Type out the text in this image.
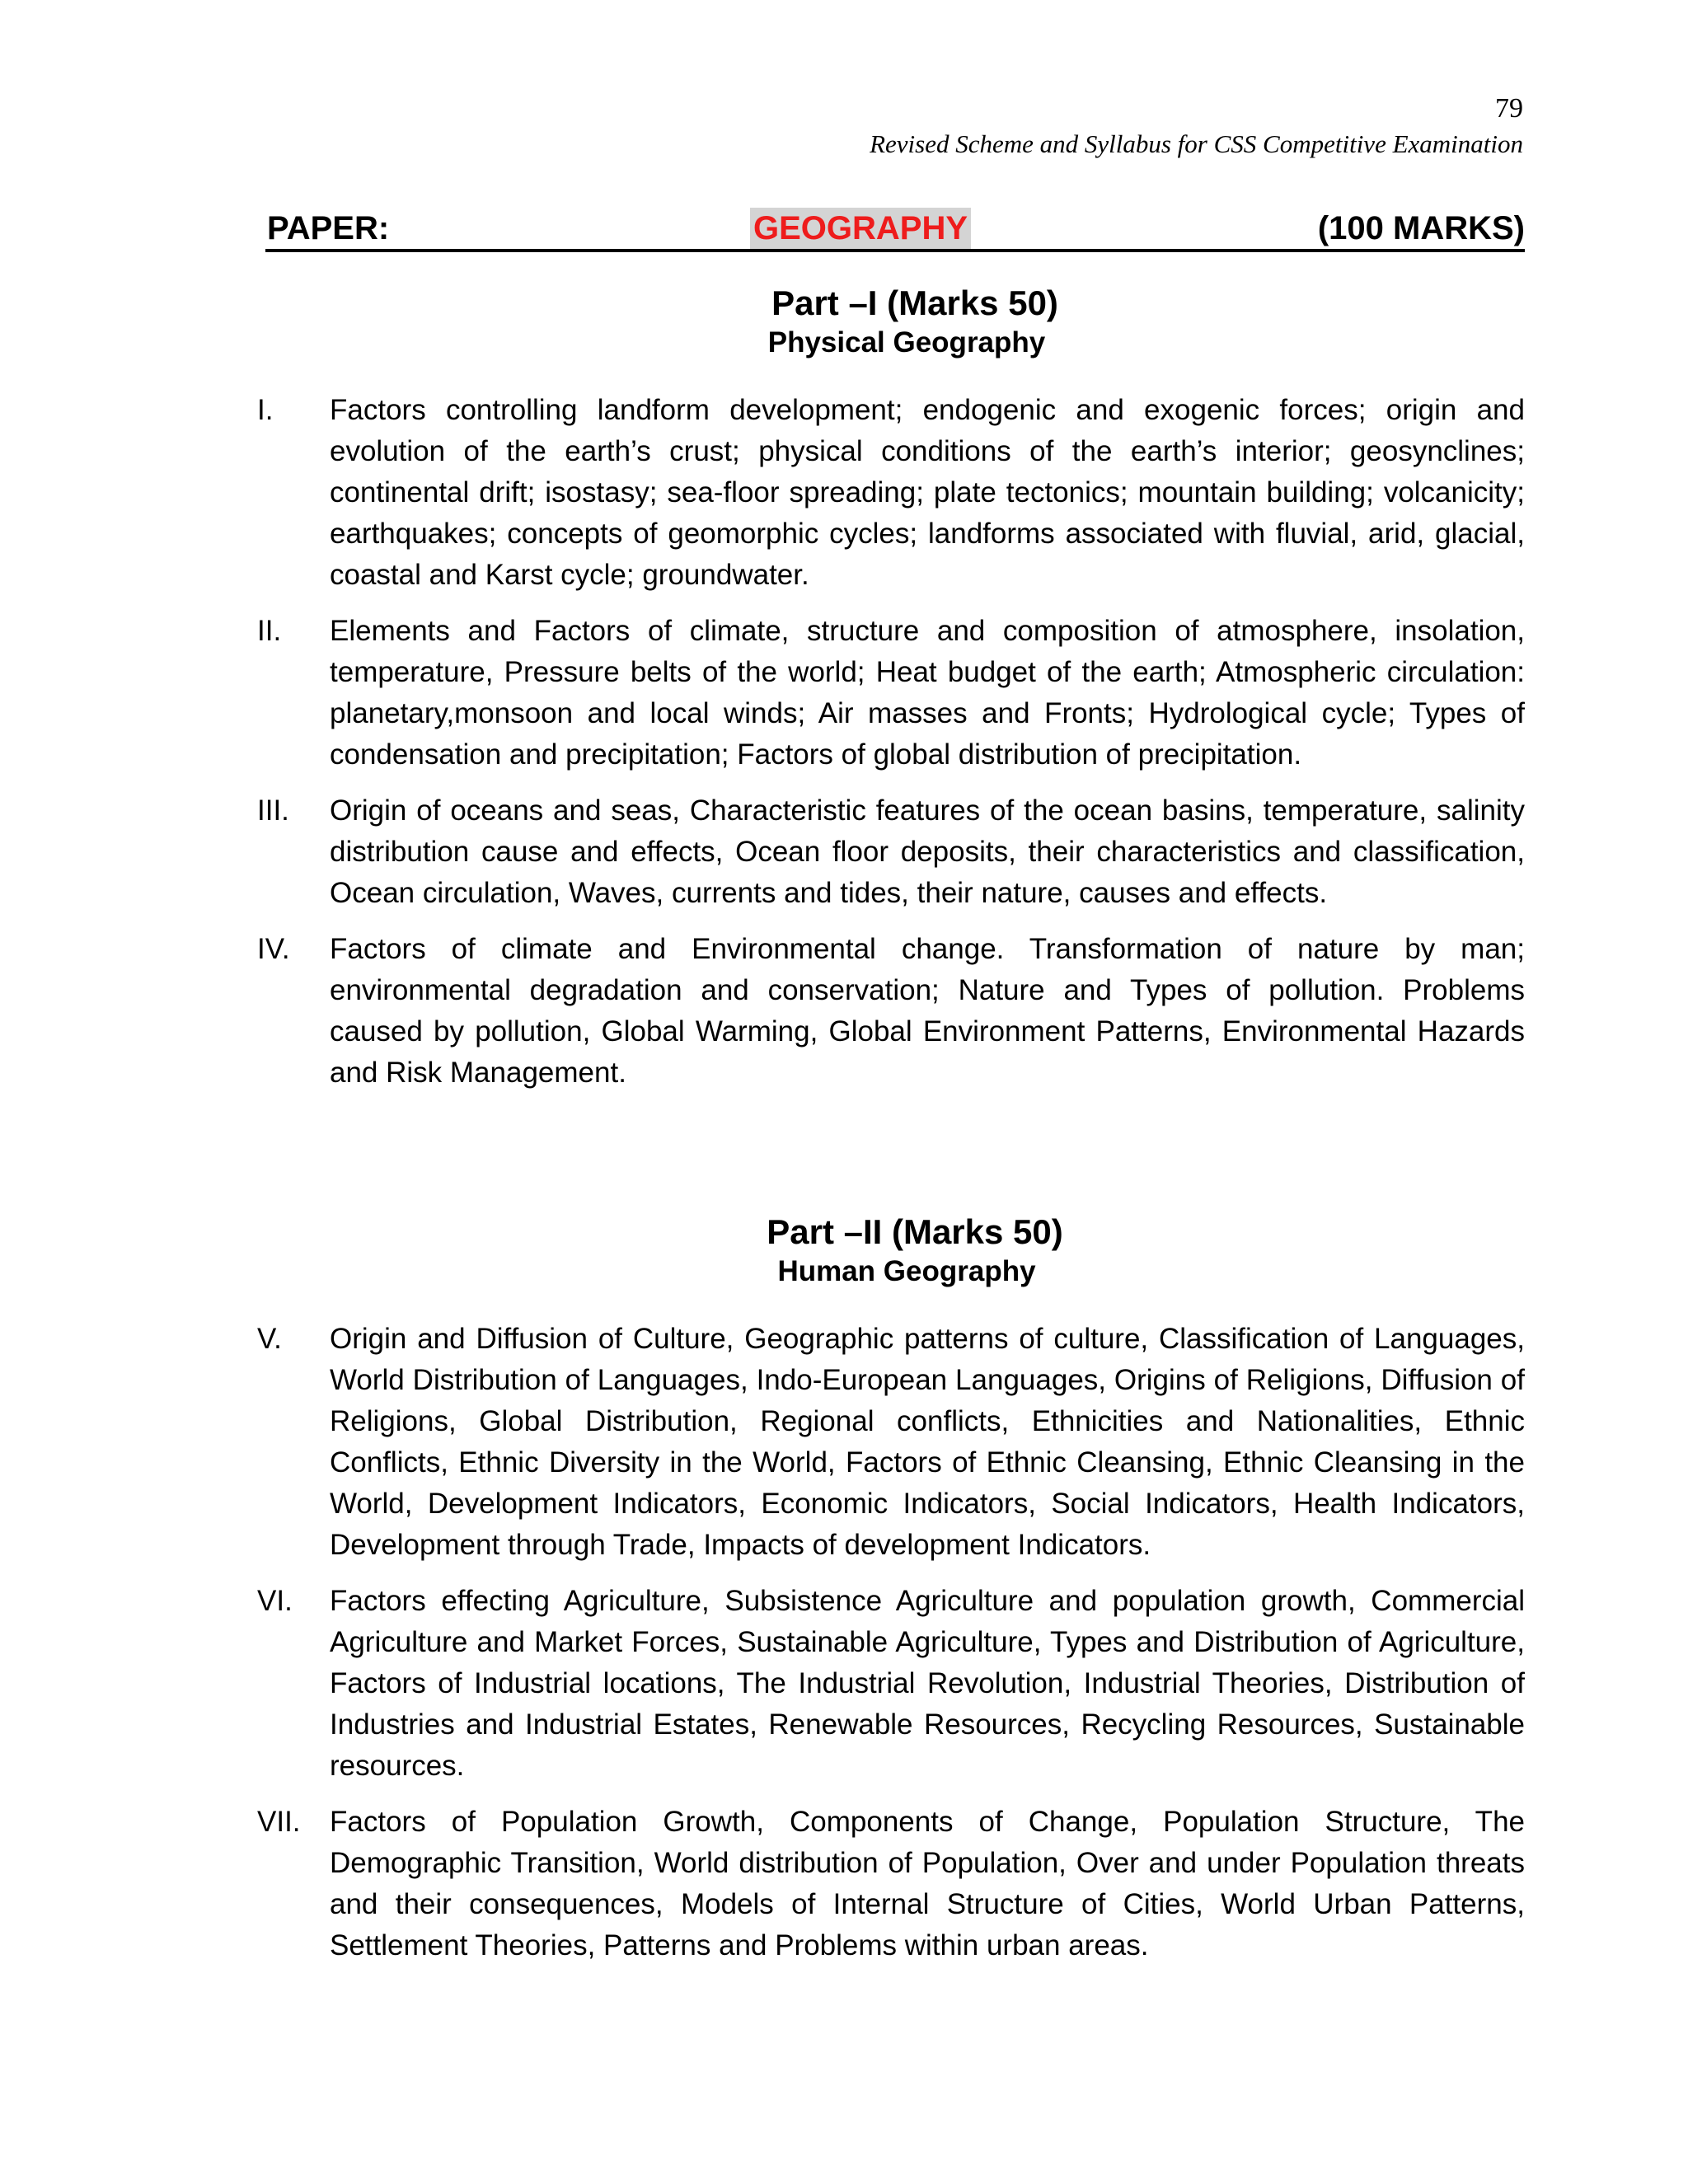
79
Revised Scheme and Syllabus for CSS Competitive Examination
PAPER:	GEOGRAPHY	(100 MARKS)
Part –I (Marks 50)
Physical Geography
I. Factors controlling landform development; endogenic and exogenic forces; origin and evolution of the earth’s crust; physical conditions of the earth’s interior; geosynclines; continental drift; isostasy; sea-floor spreading; plate tectonics; mountain building; volcanicity; earthquakes; concepts of geomorphic cycles; landforms associated with fluvial, arid, glacial, coastal and Karst cycle; groundwater.
II. Elements and Factors of climate, structure and composition of atmosphere, insolation, temperature, Pressure belts of the world; Heat budget of the earth; Atmospheric circulation: planetary,monsoon and local winds; Air masses and Fronts; Hydrological cycle; Types of condensation and precipitation; Factors of global distribution of precipitation.
III. Origin of oceans and seas, Characteristic features of the ocean basins, temperature, salinity distribution cause and effects, Ocean floor deposits, their characteristics and classification, Ocean circulation, Waves, currents and tides, their nature, causes and effects.
IV. Factors of climate and Environmental change. Transformation of nature by man; environmental degradation and conservation; Nature and Types of pollution. Problems caused by pollution, Global Warming, Global Environment Patterns, Environmental Hazards and Risk Management.
Part –II (Marks 50)
Human Geography
V. Origin and Diffusion of Culture, Geographic patterns of culture, Classification of Languages, World Distribution of Languages, Indo-European Languages, Origins of Religions, Diffusion of Religions, Global Distribution, Regional conflicts, Ethnicities and Nationalities, Ethnic Conflicts, Ethnic Diversity in the World, Factors of Ethnic Cleansing, Ethnic Cleansing in the World, Development Indicators, Economic Indicators, Social Indicators, Health Indicators, Development through Trade, Impacts of development Indicators.
VI. Factors effecting Agriculture, Subsistence Agriculture and population growth, Commercial Agriculture and Market Forces, Sustainable Agriculture, Types and Distribution of Agriculture, Factors of Industrial locations, The Industrial Revolution, Industrial Theories, Distribution of Industries and Industrial Estates, Renewable Resources, Recycling Resources, Sustainable resources.
VII. Factors of Population Growth, Components of Change, Population Structure, The Demographic Transition, World distribution of Population, Over and under Population threats and their consequences, Models of Internal Structure of Cities, World Urban Patterns, Settlement Theories, Patterns and Problems within urban areas.
